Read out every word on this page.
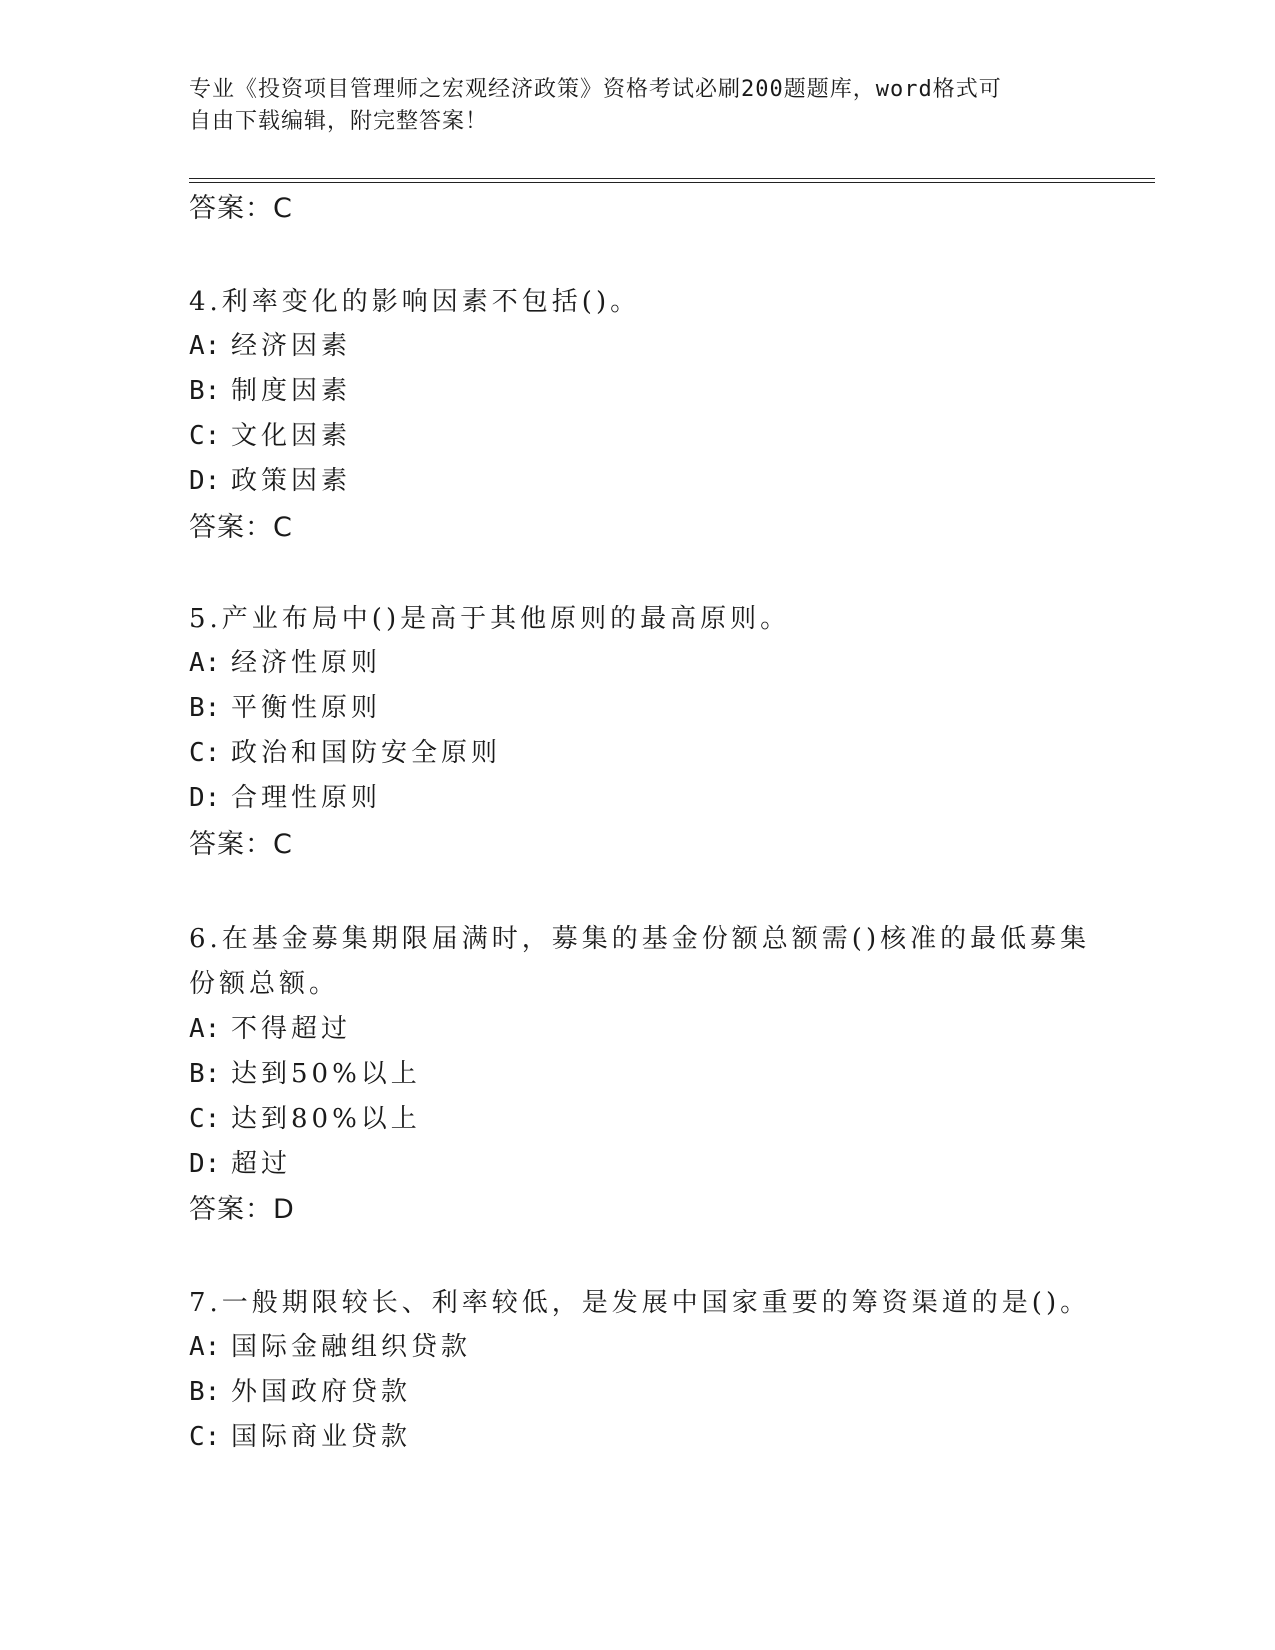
专业《投资项目管理师之宏观经济政策》资格考试必刷200题题库，word格式可
自由下载编辑，附完整答案！
答案：C
4.利率变化的影响因素不包括()。
A: 经济因素
B: 制度因素
C: 文化因素
D: 政策因素
答案：C
5.产业布局中()是高于其他原则的最高原则。
A: 经济性原则
B: 平衡性原则
C: 政治和国防安全原则
D: 合理性原则
答案：C
6.在基金募集期限届满时，募集的基金份额总额需()核准的最低募集
份额总额。
A: 不得超过
B: 达到50%以上
C: 达到80%以上
D: 超过
答案：D
7.一般期限较长、利率较低，是发展中国家重要的筹资渠道的是()。
A: 国际金融组织贷款
B: 外国政府贷款
C: 国际商业贷款
